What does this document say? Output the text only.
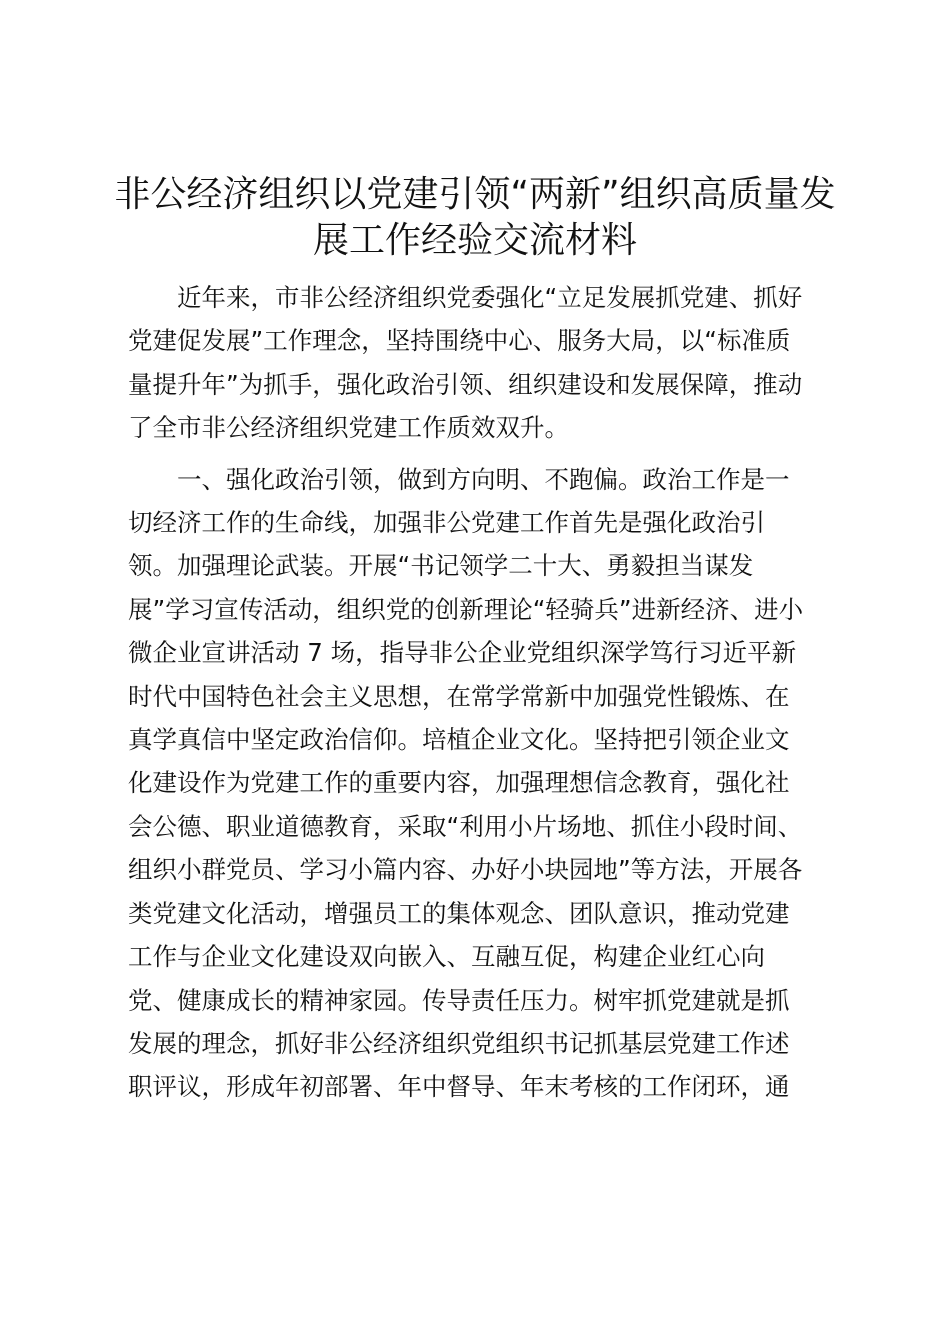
非公经济组织以党建引领“两新”组织高质量发
展工作经验交流材料

近年来，市非公经济组织党委强化“立足发展抓党建、抓好
党建促发展”工作理念，坚持围绕中心、服务大局，以“标准质
量提升年”为抓手，强化政治引领、组织建设和发展保障，推动
了全市非公经济组织党建工作质效双升。

一、强化政治引领，做到方向明、不跑偏。政治工作是一
切经济工作的生命线，加强非公党建工作首先是强化政治引
领。加强理论武装。开展“书记领学二十大、勇毅担当谋发
展”学习宣传活动，组织党的创新理论“轻骑兵”进新经济、进小
微企业宣讲活动 7 场，指导非公企业党组织深学笃行习近平新
时代中国特色社会主义思想，在常学常新中加强党性锻炼、在
真学真信中坚定政治信仰。培植企业文化。坚持把引领企业文
化建设作为党建工作的重要内容，加强理想信念教育，强化社
会公德、职业道德教育，采取“利用小片场地、抓住小段时间、
组织小群党员、学习小篇内容、办好小块园地”等方法，开展各
类党建文化活动，增强员工的集体观念、团队意识，推动党建
工作与企业文化建设双向嵌入、互融互促，构建企业红心向
党、健康成长的精神家园。传导责任压力。树牢抓党建就是抓
发展的理念，抓好非公经济组织党组织书记抓基层党建工作述
职评议，形成年初部署、年中督导、年末考核的工作闭环，通
